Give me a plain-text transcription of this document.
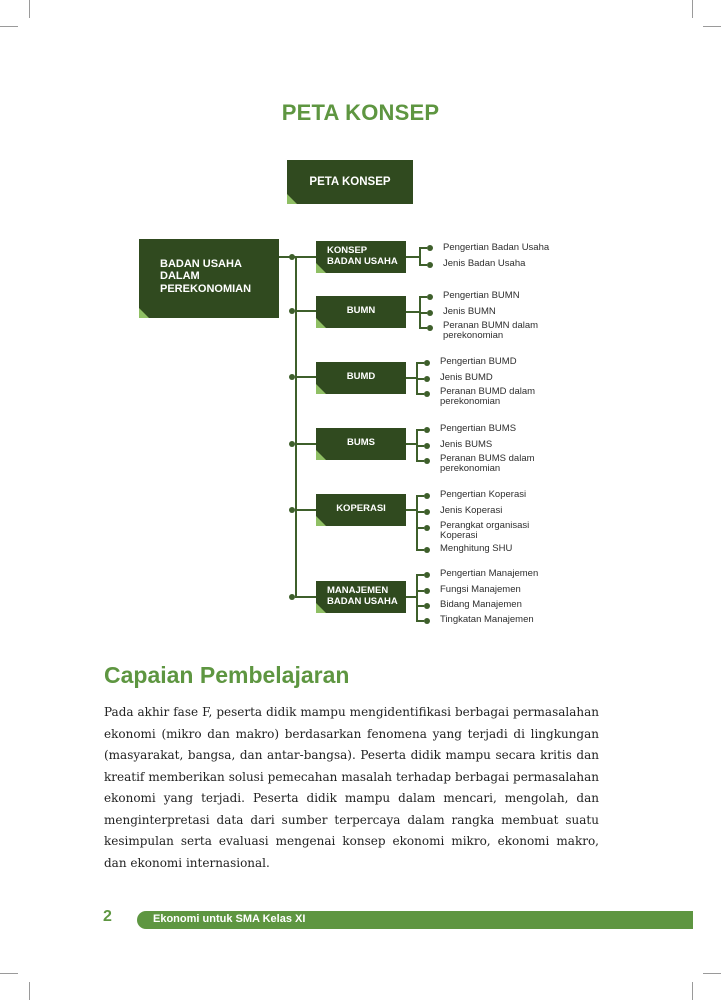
PETA KONSEP
PETA KONSEP
BADAN USAHA
DALAM
PEREKONOMIAN
KONSEP
BADAN USAHA
Pengertian Badan Usaha
Jenis Badan Usaha
BUMN
Pengertian BUMN
Jenis BUMN
Peranan BUMN dalam
perekonomian
BUMD
Pengertian BUMD
Jenis BUMD
Peranan BUMD dalam
perekonomian
BUMS
Pengertian BUMS
Jenis BUMS
Peranan BUMS dalam
perekonomian
KOPERASI
Pengertian Koperasi
Jenis Koperasi
Perangkat organisasi
Koperasi
Menghitung SHU
MANAJEMEN
BADAN USAHA
Pengertian Manajemen
Fungsi Manajemen
Bidang Manajemen
Tingkatan Manajemen
Capaian Pembelajaran

Pada akhir fase F, peserta didik mampu mengidentifikasi berbagai permasalahan ekonomi (mikro dan makro) berdasarkan fenomena yang terjadi di lingkungan (masyarakat, bangsa, dan antar-bangsa). Peserta didik mampu secara kritis dan kreatif memberikan solusi pemecahan masalah terhadap berbagai permasalahan ekonomi yang terjadi. Peserta didik mampu dalam mencari, mengolah, dan menginterpretasi data dari sumber terpercaya dalam rangka membuat suatu kesimpulan serta evaluasi mengenai konsep ekonomi mikro, ekonomi makro, dan ekonomi internasional.

2	Ekonomi untuk SMA Kelas XI
